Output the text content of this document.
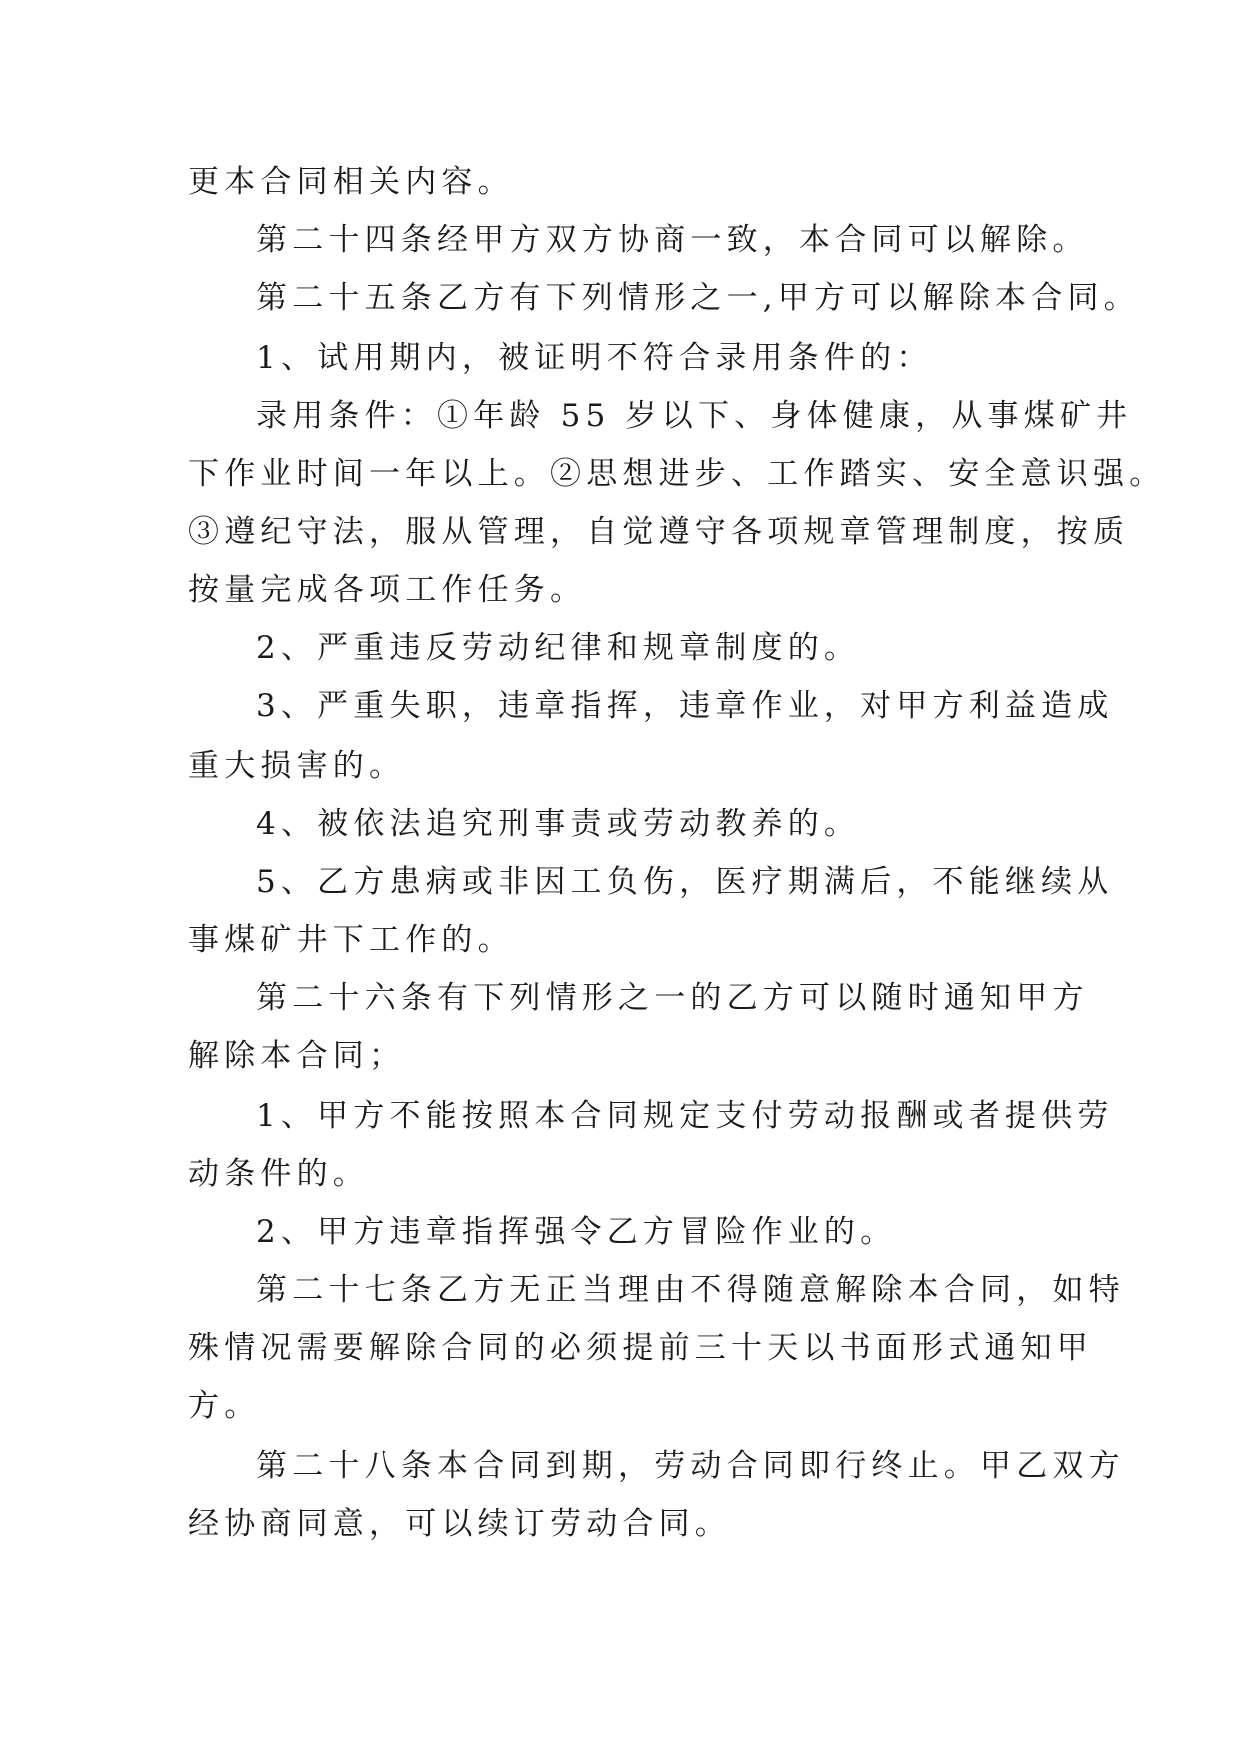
更本合同相关内容。
第二十四条经甲方双方协商一致，本合同可以解除。
第二十五条乙方有下列情形之一,甲方可以解除本合同。
1、试用期内，被证明不符合录用条件的：
录用条件：①年龄 55 岁以下、身体健康，从事煤矿井
下作业时间一年以上。②思想进步、工作踏实、安全意识强。
③遵纪守法，服从管理，自觉遵守各项规章管理制度，按质
按量完成各项工作任务。
2、严重违反劳动纪律和规章制度的。
3、严重失职，违章指挥，违章作业，对甲方利益造成
重大损害的。
4、被依法追究刑事责或劳动教养的。
5、乙方患病或非因工负伤，医疗期满后，不能继续从
事煤矿井下工作的。
第二十六条有下列情形之一的乙方可以随时通知甲方
解除本合同；
1、甲方不能按照本合同规定支付劳动报酬或者提供劳
动条件的。
2、甲方违章指挥强令乙方冒险作业的。
第二十七条乙方无正当理由不得随意解除本合同，如特
殊情况需要解除合同的必须提前三十天以书面形式通知甲
方。
第二十八条本合同到期，劳动合同即行终止。甲乙双方
经协商同意，可以续订劳动合同。
